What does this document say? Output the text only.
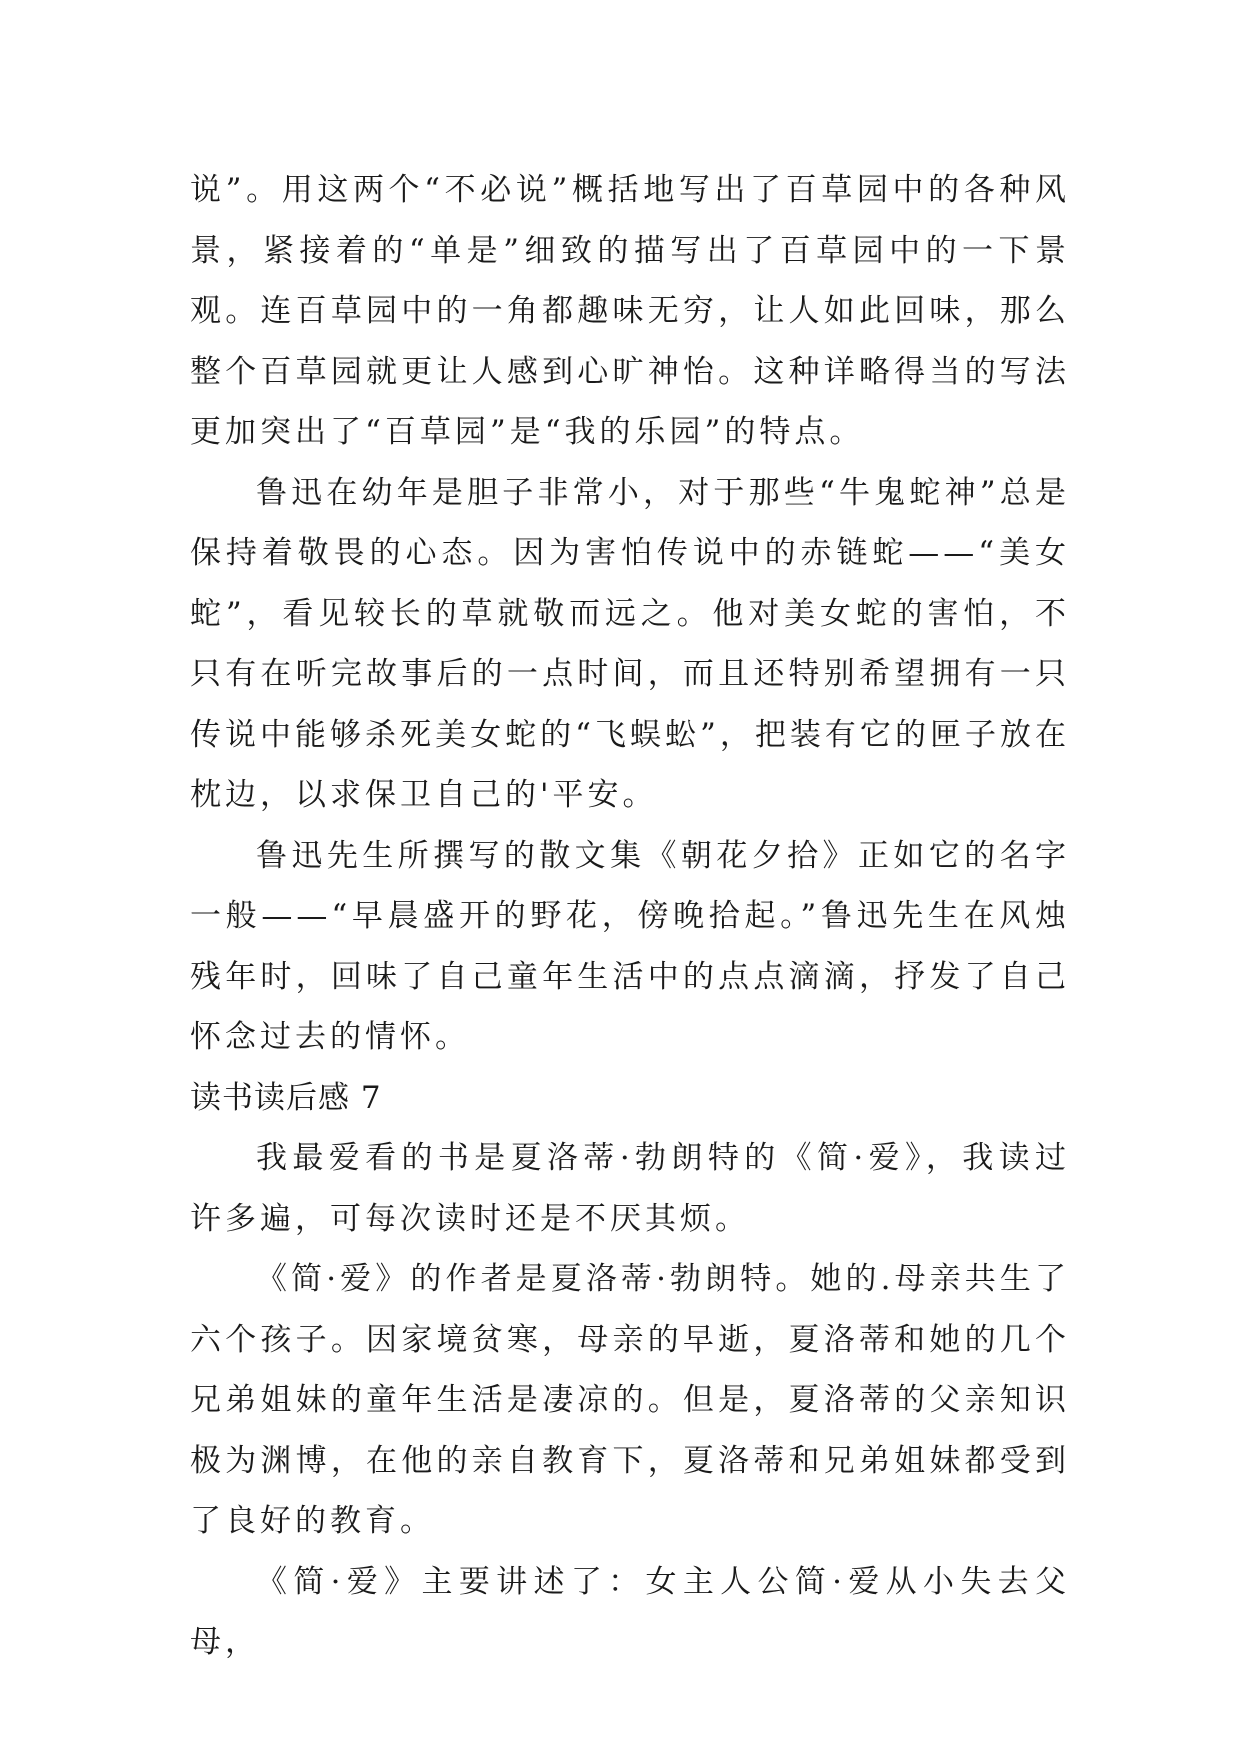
说”。用这两个“不必说”概括地写出了百草园中的各种风景，紧接着的“单是”细致的描写出了百草园中的一下景观。连百草园中的一角都趣味无穷，让人如此回味，那么整个百草园就更让人感到心旷神怡。这种详略得当的写法更加突出了“百草园”是“我的乐园”的特点。

鲁迅在幼年是胆子非常小，对于那些“牛鬼蛇神”总是保持着敬畏的心态。因为害怕传说中的赤链蛇——“美女蛇”，看见较长的草就敬而远之。他对美女蛇的害怕，不只有在听完故事后的一点时间，而且还特别希望拥有一只传说中能够杀死美女蛇的“飞蜈蚣”，把装有它的匣子放在枕边，以求保卫自己的'平安。

鲁迅先生所撰写的散文集《朝花夕拾》正如它的名字一般——“早晨盛开的野花，傍晚拾起。”鲁迅先生在风烛残年时，回味了自己童年生活中的点点滴滴，抒发了自己怀念过去的情怀。

读书读后感 7

我最爱看的书是夏洛蒂·勃朗特的《简·爱》，我读过许多遍，可每次读时还是不厌其烦。

《简·爱》的作者是夏洛蒂·勃朗特。她的.母亲共生了六个孩子。因家境贫寒，母亲的早逝，夏洛蒂和她的几个兄弟姐妹的童年生活是凄凉的。但是，夏洛蒂的父亲知识极为渊博，在他的亲自教育下，夏洛蒂和兄弟姐妹都受到了良好的教育。

《简·爱》主要讲述了：女主人公简·爱从小失去父母，
